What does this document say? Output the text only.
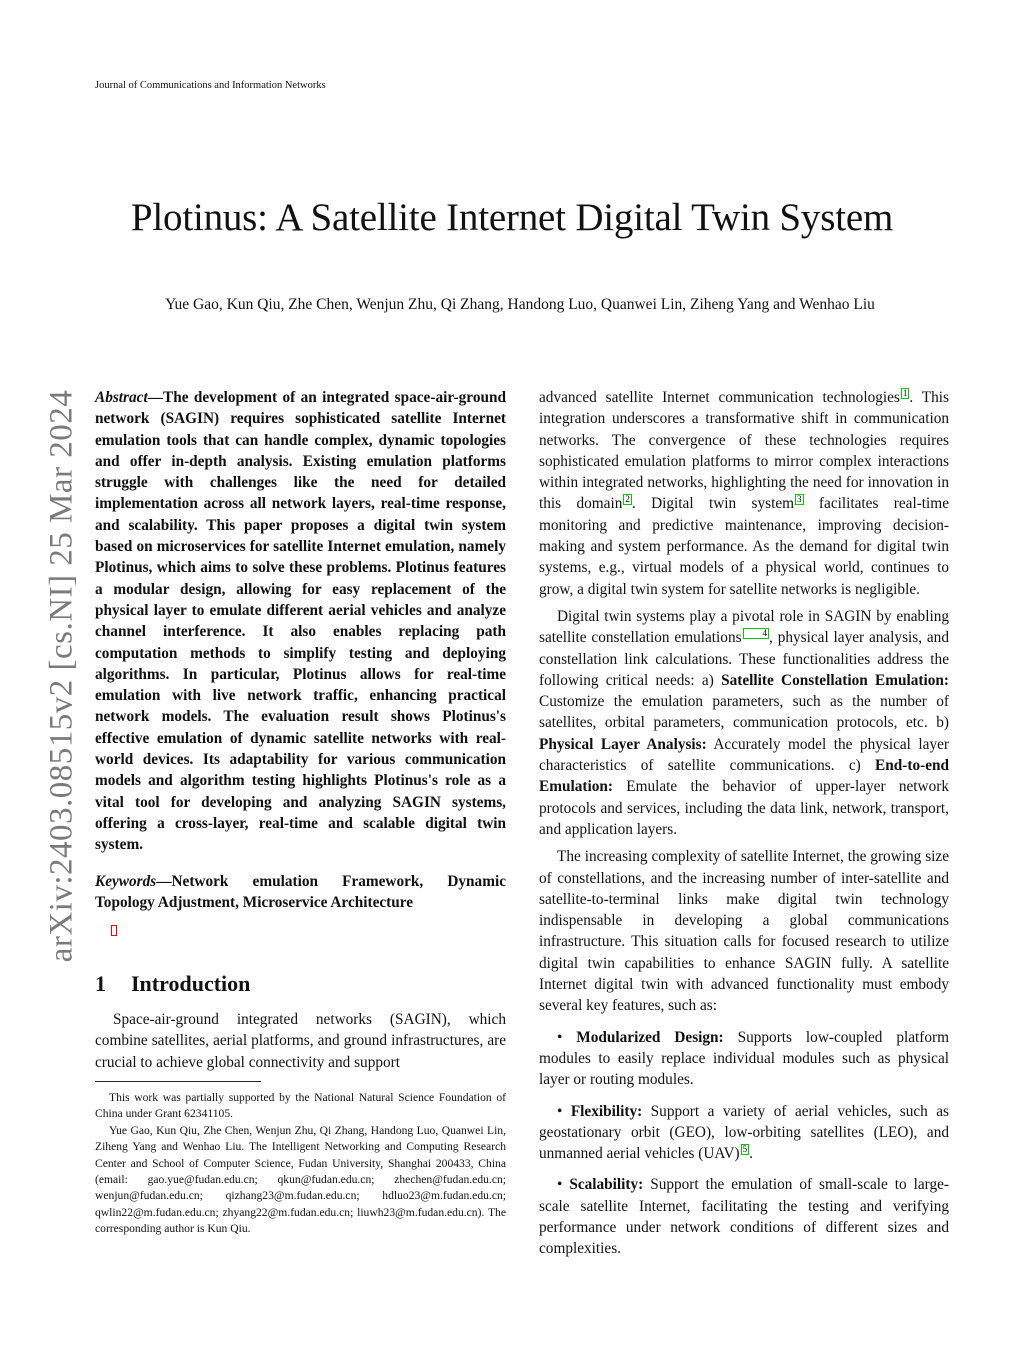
Journal of Communications and Information Networks
Plotinus: A Satellite Internet Digital Twin System
Yue Gao, Kun Qiu, Zhe Chen, Wenjun Zhu, Qi Zhang, Handong Luo, Quanwei Lin, Ziheng Yang and Wenhao Liu
arXiv:2403.08515v2 [cs.NI] 25 Mar 2024 Abstract—The development of an integrated space-air-ground network (SAGIN) requires sophisticated satellite Internet emulation tools that can handle complex, dynamic topologies and offer in-depth analysis. Existing emulation platforms struggle with challenges like the need for detailed implementation across all network layers, real-time response, and scalability. This paper proposes a digital twin system based on microservices for satellite Internet emulation, namely Plotinus, which aims to solve these problems. Plotinus features a modular design, allowing for easy replacement of the physical layer to emulate different aerial vehicles and analyze channel interference. It also enables replacing path computation methods to simplify testing and deploying algorithms. In particular, Plotinus allows for real-time emulation with live network traffic, enhancing practical network models. The evaluation result shows Plotinus's effective emulation of dynamic satellite networks with real-world devices. Its adaptability for various communication models and algorithm testing highlights Plotinus's role as a vital tool for developing and analyzing SAGIN systems, offering a cross-layer, real-time and scalable digital twin system.

Keywords—Network emulation Framework, Dynamic Topology Adjustment, Microservice Architecture

1 Introduction

Space-air-ground integrated networks (SAGIN), which combine satellites, aerial platforms, and ground infrastructures, are crucial to achieve global connectivity and support

This work was partially supported by the National Natural Science Foundation of China under Grant 62341105.

Yue Gao, Kun Qiu, Zhe Chen, Wenjun Zhu, Qi Zhang, Handong Luo, Quanwei Lin, Ziheng Yang and Wenhao Liu. The Intelligent Networking and Computing Research Center and School of Computer Science, Fudan University, Shanghai 200433, China (email: gao.yue@fudan.edu.cn; qkun@fudan.edu.cn; zhechen@fudan.edu.cn; wenjun@fudan.edu.cn; qizhang23@m.fudan.edu.cn; hdluo23@m.fudan.edu.cn; qwlin22@m.fudan.edu.cn; zhyang22@m.fudan.edu.cn; liuwh23@m.fudan.edu.cn). The corresponding author is Kun Qiu.

advanced satellite Internet communication technologies 1 . This integration underscores a transformative shift in communication networks. The convergence of these technologies requires sophisticated emulation platforms to mirror complex interactions within integrated networks, highlighting the need for innovation in this domain 2 . Digital twin system 3 facilitates real-time monitoring and predictive maintenance, improving decision-making and system performance. As the demand for digital twin systems, e.g., virtual models of a physical world, continues to grow, a digital twin system for satellite networks is negligible.

Digital twin systems play a pivotal role in SAGIN by enabling satellite constellation emulations 4 , physical layer analysis, and constellation link calculations. These functionalities address the following critical needs: a) Satellite Constellation Emulation: Customize the emulation parameters, such as the number of satellites, orbital parameters, communication protocols, etc. b) Physical Layer Analysis: Accurately model the physical layer characteristics of satellite communications. c) End-to-end Emulation: Emulate the behavior of upper-layer network protocols and services, including the data link, network, transport, and application layers.

The increasing complexity of satellite Internet, the growing size of constellations, and the increasing number of inter-satellite and satellite-to-terminal links make digital twin technology indispensable in developing a global communications infrastructure. This situation calls for focused research to utilize digital twin capabilities to enhance SAGIN fully. A satellite Internet digital twin with advanced functionality must embody several key features, such as:

• Modularized Design: Supports low-coupled platform modules to easily replace individual modules such as physical layer or routing modules.

• Flexibility: Support a variety of aerial vehicles, such as geostationary orbit (GEO), low-orbiting satellites (LEO), and unmanned aerial vehicles (UAV) 5 .

• Scalability: Support the emulation of small-scale to large-scale satellite Internet, facilitating the testing and verifying performance under network conditions of different sizes and complexities.
